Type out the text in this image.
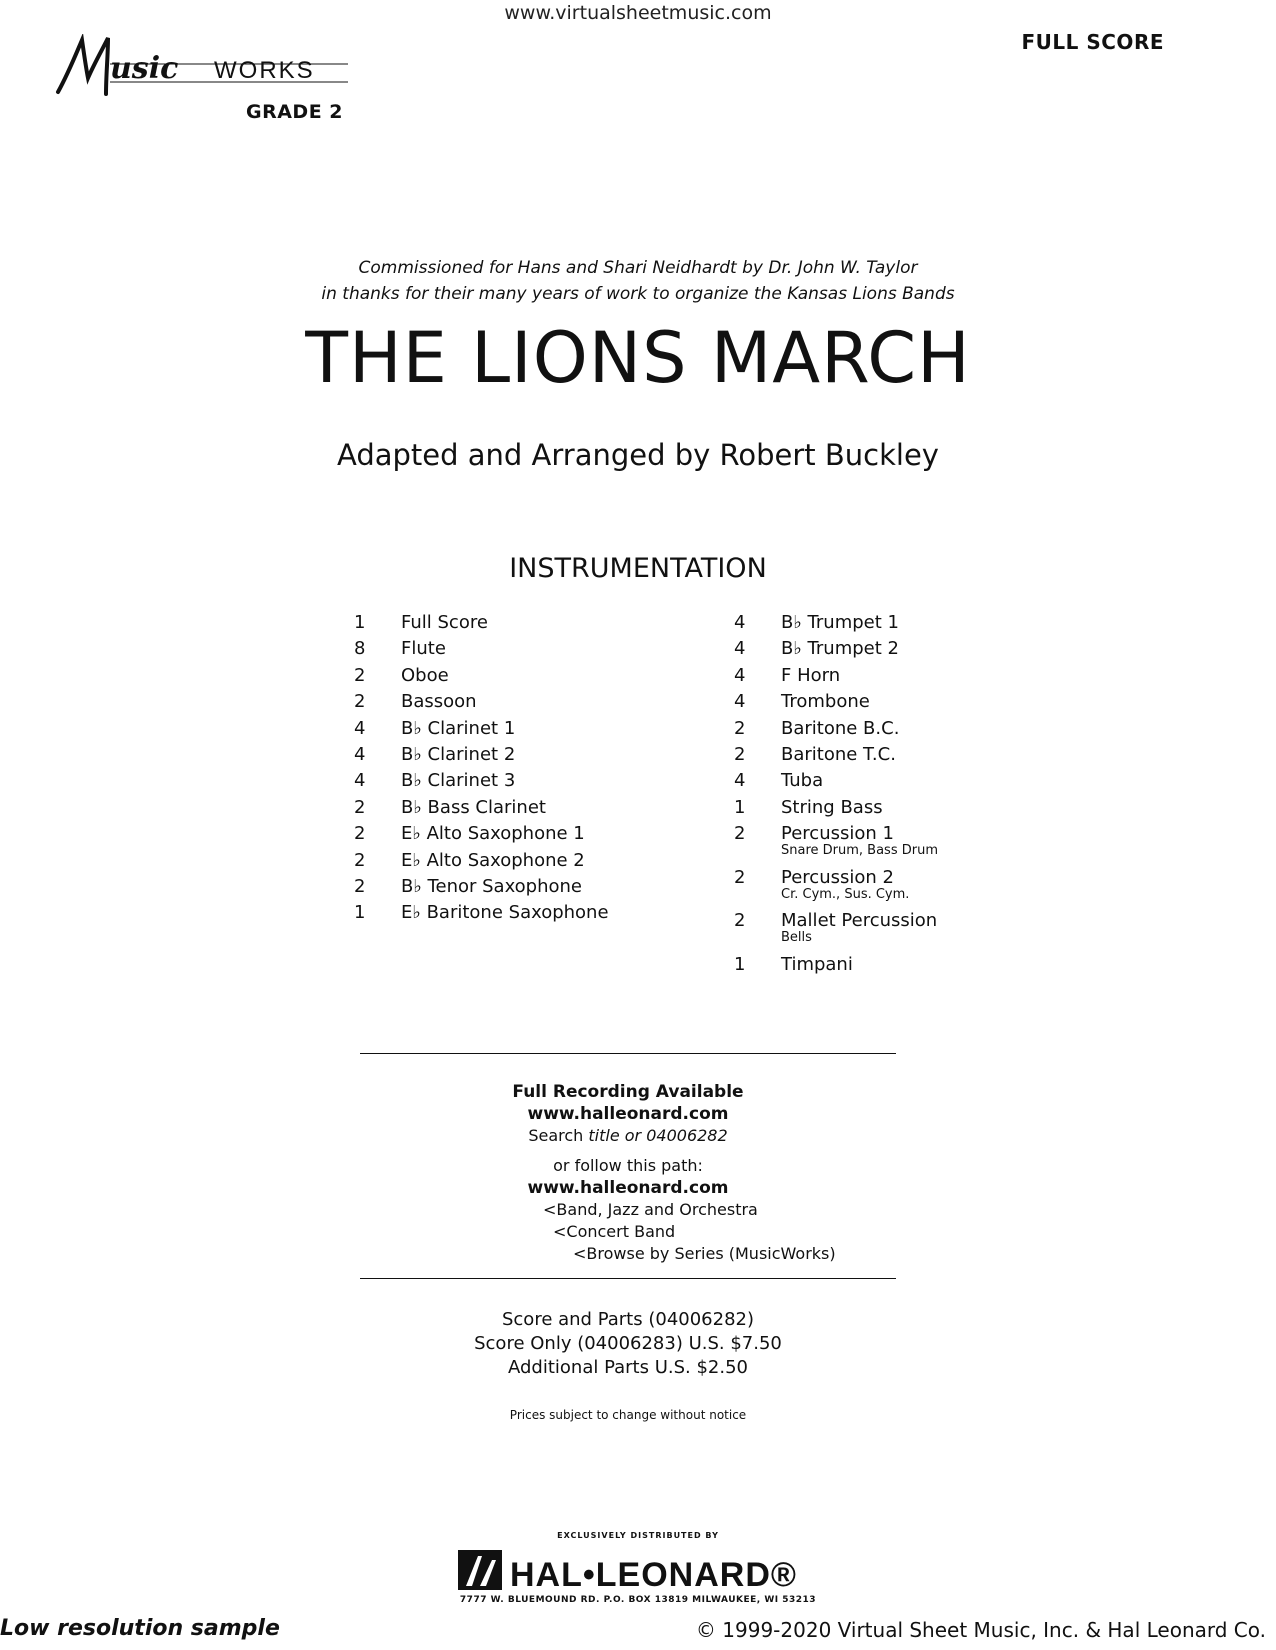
www.virtualsheetmusic.com
FULL SCORE
usic WORKS
GRADE 2
Commissioned for Hans and Shari Neidhardt by Dr. John W. Taylor
in thanks for their many years of work to organize the Kansas Lions Bands
THE LIONS MARCH
Adapted and Arranged by Robert Buckley
INSTRUMENTATION
1	Full Score
8	Flute
2	Oboe
2	Bassoon
4	B♭ Clarinet 1
4	B♭ Clarinet 2
4	B♭ Clarinet 3
2	B♭ Bass Clarinet
2	E♭ Alto Saxophone 1
2	E♭ Alto Saxophone 2
2	B♭ Tenor Saxophone
1	E♭ Baritone Saxophone
4	B♭ Trumpet 1
4	B♭ Trumpet 2
4	F Horn
4	Trombone
2	Baritone B.C.
2	Baritone T.C.
4	Tuba
1	String Bass
2	Percussion 1
Snare Drum, Bass Drum
2	Percussion 2
Cr. Cym., Sus. Cym.
2	Mallet Percussion
Bells
1	Timpani
Full Recording Available
www.halleonard.com
Search title or 04006282
or follow this path:
www.halleonard.com
<Band, Jazz and Orchestra
<Concert Band
<Browse by Series (MusicWorks)
Score and Parts (04006282)
Score Only (04006283) U.S. $7.50
Additional Parts U.S. $2.50
Prices subject to change without notice
EXCLUSIVELY DISTRIBUTED BY
HAL•LEONARD®
7777 W. BLUEMOUND RD. P.O. BOX 13819 MILWAUKEE, WI 53213
Low resolution sample	© 1999-2020 Virtual Sheet Music, Inc. & Hal Leonard Co.
